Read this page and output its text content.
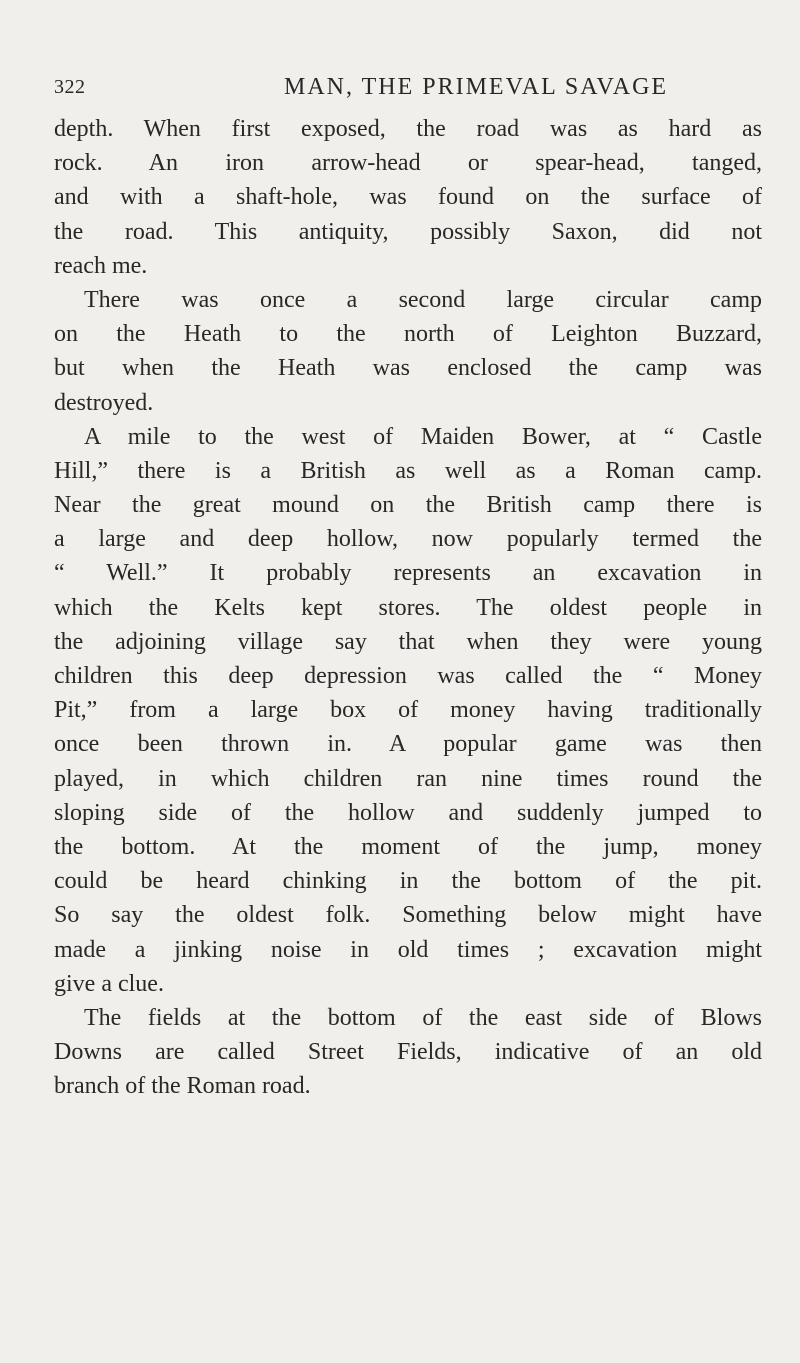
322	MAN, THE PRIMEVAL SAVAGE
depth. When first exposed, the road was as hard as
rock. An iron arrow-head or spear-head, tanged,
and with a shaft-hole, was found on the surface of
the road. This antiquity, possibly Saxon, did not
reach me.
There was once a second large circular camp
on the Heath to the north of Leighton Buzzard,
but when the Heath was enclosed the camp was
destroyed.
A mile to the west of Maiden Bower, at “ Castle
Hill,” there is a British as well as a Roman camp.
Near the great mound on the British camp there is
a large and deep hollow, now popularly termed the
“ Well.” It probably represents an excavation in
which the Kelts kept stores. The oldest people in
the adjoining village say that when they were young
children this deep depression was called the “ Money
Pit,” from a large box of money having traditionally
once been thrown in. A popular game was then
played, in which children ran nine times round the
sloping side of the hollow and suddenly jumped to
the bottom. At the moment of the jump, money
could be heard chinking in the bottom of the pit.
So say the oldest folk. Something below might have
made a jinking noise in old times ; excavation might
give a clue.
The fields at the bottom of the east side of Blows
Downs are called Street Fields, indicative of an old
branch of the Roman road.
